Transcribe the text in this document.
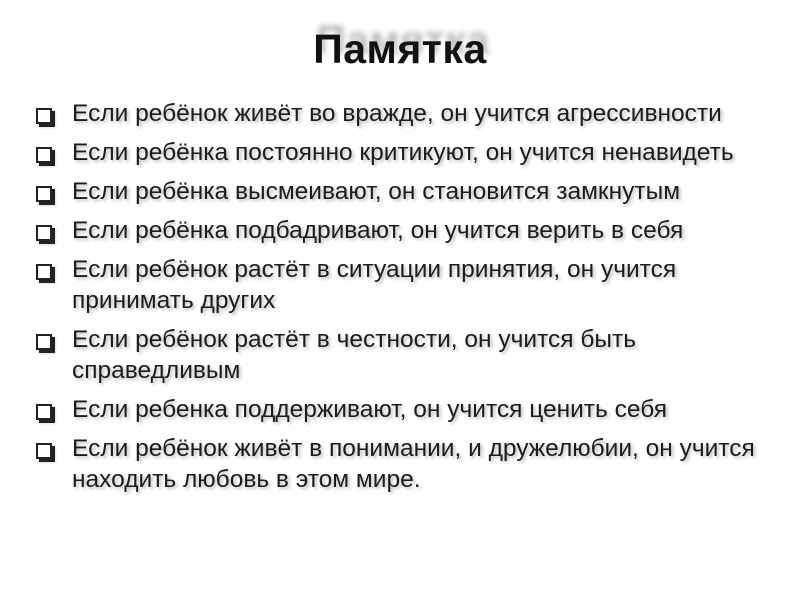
Памятка
Если ребёнок живёт во вражде, он учится агрессивности
Если ребёнка постоянно критикуют, он учится ненавидеть
Если ребёнка высмеивают, он становится замкнутым
Если ребёнка подбадривают, он учится верить в себя
Если ребёнок растёт в ситуации принятия, он учится принимать других
Если ребёнок растёт в честности, он учится быть справедливым
Если ребенка поддерживают, он учится ценить себя
Если ребёнок живёт в понимании, и дружелюбии, он учится находить любовь в этом мире.
